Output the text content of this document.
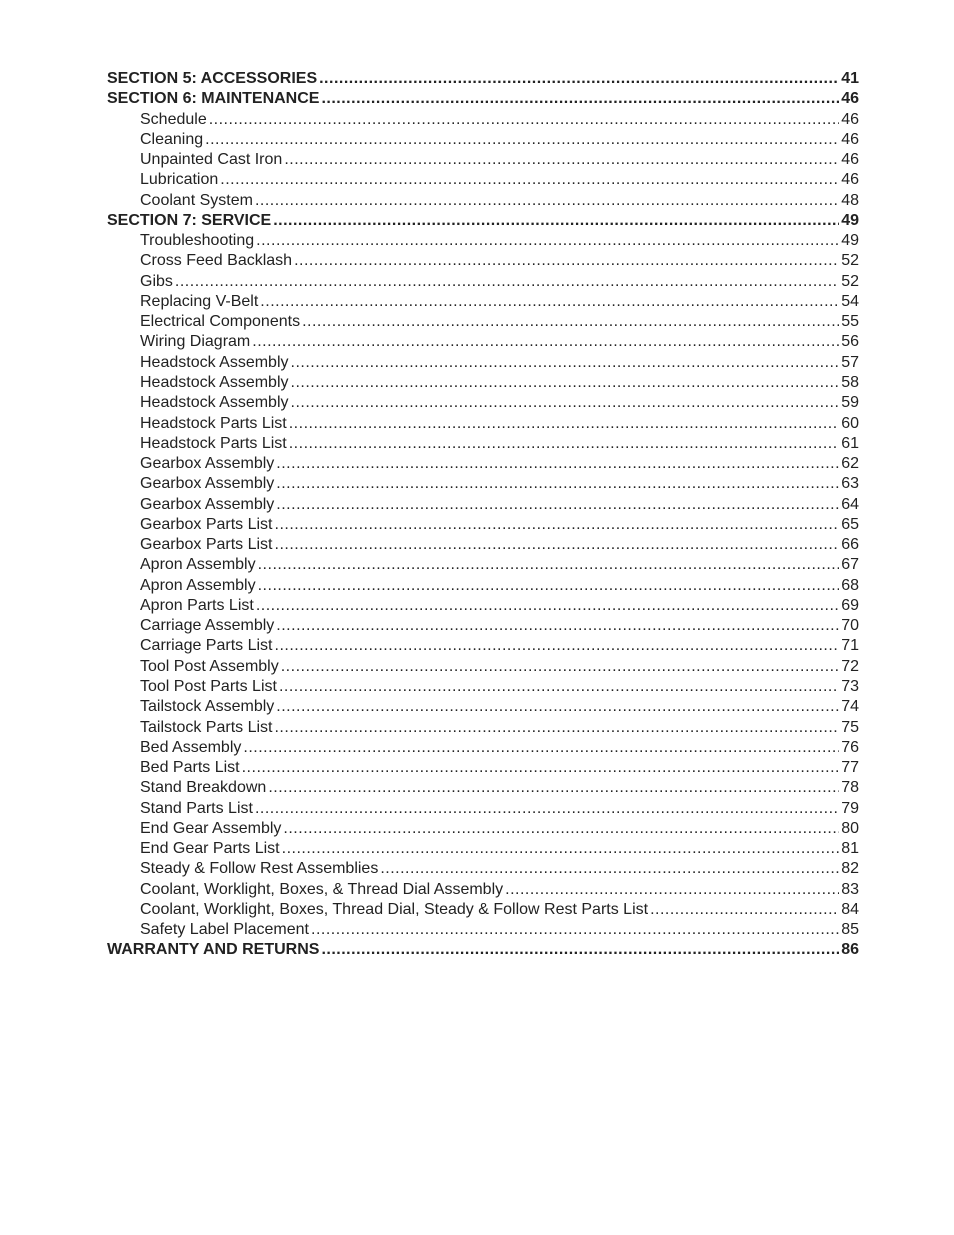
SECTION 5: ACCESSORIES .....	41
SECTION 6: MAINTENANCE .....	46
Schedule .....	46
Cleaning .....	46
Unpainted Cast Iron .....	46
Lubrication .....	46
Coolant System .....	48
SECTION 7: SERVICE .....	49
Troubleshooting .....	49
Cross Feed Backlash .....	52
Gibs .....	52
Replacing V-Belt .....	54
Electrical Components .....	55
Wiring Diagram .....	56
Headstock Assembly .....	57
Headstock Assembly .....	58
Headstock Assembly .....	59
Headstock Parts List .....	60
Headstock Parts List .....	61
Gearbox Assembly .....	62
Gearbox Assembly .....	63
Gearbox Assembly .....	64
Gearbox Parts List .....	65
Gearbox Parts List .....	66
Apron Assembly .....	67
Apron Assembly .....	68
Apron Parts List .....	69
Carriage Assembly .....	70
Carriage Parts List .....	71
Tool Post Assembly .....	72
Tool Post Parts List .....	73
Tailstock Assembly .....	74
Tailstock Parts List .....	75
Bed Assembly .....	76
Bed Parts List .....	77
Stand Breakdown .....	78
Stand Parts List .....	79
End Gear Assembly .....	80
End Gear Parts List .....	81
Steady & Follow Rest Assemblies .....	82
Coolant, Worklight, Boxes, & Thread Dial Assembly .....	83
Coolant, Worklight, Boxes, Thread Dial, Steady & Follow Rest Parts List .....	84
Safety Label Placement .....	85
WARRANTY AND RETURNS .....	86
